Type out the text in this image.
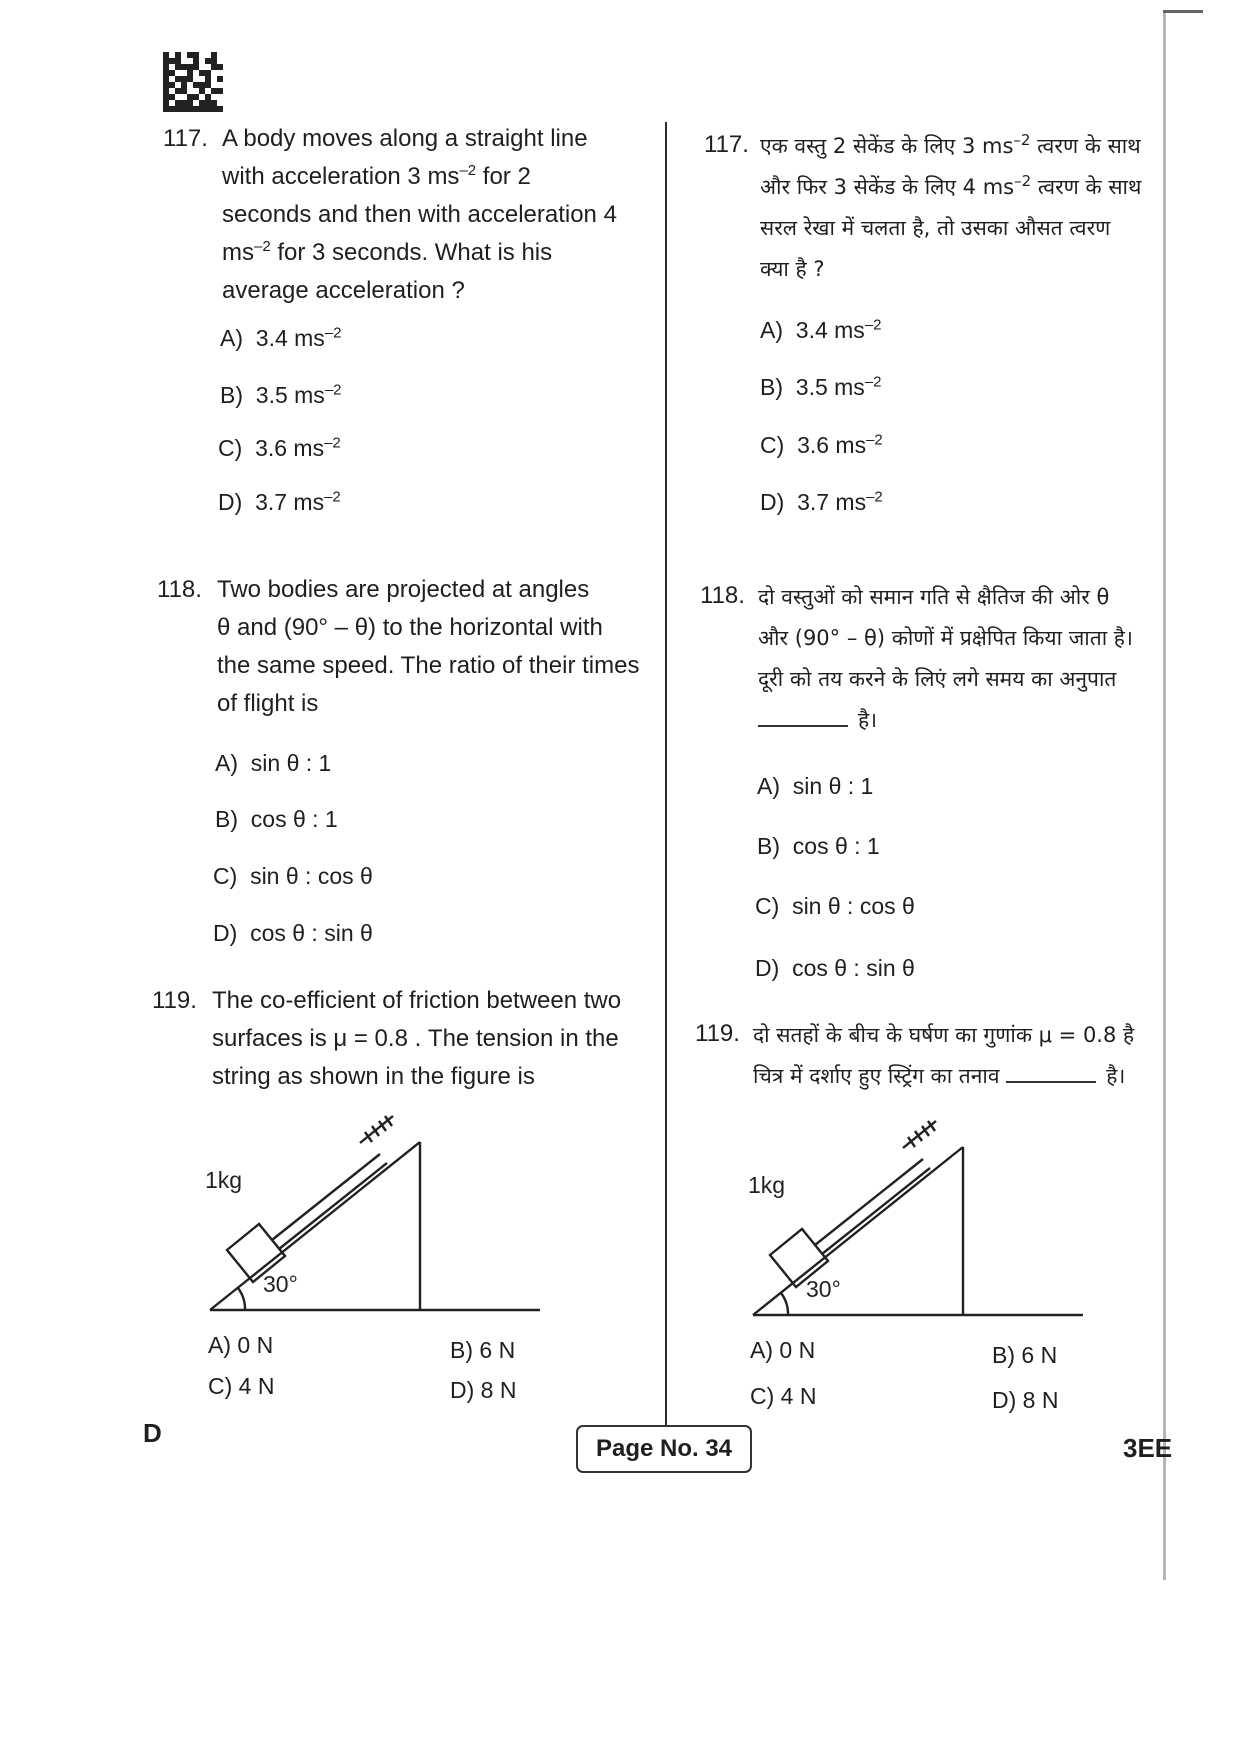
117. A body moves along a straight line
with acceleration 3 $ms^{-2}$ for 2
seconds and then with acceleration 4
$ms^{-2}$ for 3 seconds. What is his
average acceleration ?
A) 3.4 $ms^{-2}$
B) 3.5 $ms^{-2}$
C) 3.6 $ms^{-2}$
D) 3.7 $ms^{-2}$
118. Two bodies are projected at angles
θ and (90° – θ) to the horizontal with
the same speed. The ratio of their times
of flight is
A) sin θ : 1
B) cos θ : 1
C) sin θ : cos θ
D) cos θ : sin θ
119. The co-efficient of friction between two
surfaces is μ = 0.8 . The tension in the
string as shown in the figure is
1kg
30°
A) 0 N	B) 6 N
C) 4 N	D) 8 N
117. एक वस्तु 2 सेकेंड के लिए 3 $ms^{-2}$ त्वरण के साथ
और फिर 3 सेकेंड के लिए 4 $ms^{-2}$ त्वरण के साथ
सरल रेखा में चलता है, तो उसका औसत त्वरण
क्या है ?
A) 3.4 $ms^{-2}$
B) 3.5 $ms^{-2}$
C) 3.6 $ms^{-2}$
D) 3.7 $ms^{-2}$
118. दो वस्तुओं को समान गति से क्षैतिज की ओर θ
और (90° – θ) कोणों में प्रक्षेपित किया जाता है।
दूरी को तय करने के लिएं लगे समय का अनुपात
है।
A) sin θ : 1
B) cos θ : 1
C) sin θ : cos θ
D) cos θ : sin θ
119. दो सतहों के बीच के घर्षण का गुणांक μ = 0.8 है
चित्र में दर्शाए हुए स्ट्रिंग का तनाव	है।
1kg
30°
A) 0 N	B) 6 N
C) 4 N	D) 8 N
D
Page No. 34	3EE
